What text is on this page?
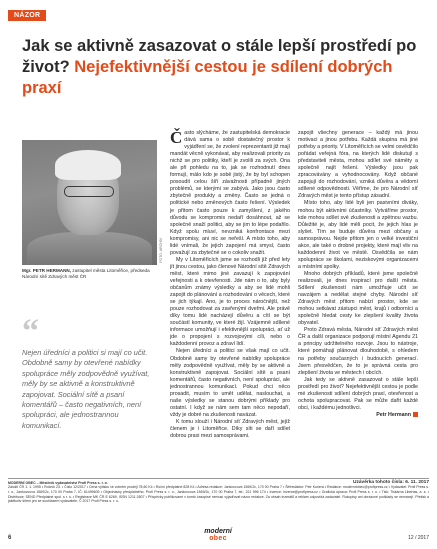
NÁZOR
Jak se aktivně zasazovat o stále lepší prostředí po život? Nejefektivnější cestou je sdílení dobrých praxí
FOTO: ARCHIV
Mgr. PETR HERMANN, zastupitel města Litoměřice, předseda Národní sítě Zdravých měst ČR
“
Nejen úředníci a politici si mají co učit. Obdobně samy by otevřené nabídky spolupráce měly zodpovědně využívat, měly by se aktivně a konstruktivně zapojovat. Sociální sítě a psaní komentářů – často negativních, není spolupráci, ale jednostrannou komunikací.

Často slýcháme, že zastupitelská demokracie dává sama o sobě dostatečný prostor k vyjádření se, že zvolení reprezentanti již mají mandát věcně vykonávat, aby realizovali priority za nichž se pro politiky, kteří je zvolili za svých. Ona ale při pohledu na to, jak se rozhodnutí dnes formují, málo kdo je sobě jistý, že by byl schopen posoudit celou šíři závažnosti případně jiných problémů, se kterými se zabývá. Jako jsou často zbytečně produkty a změny. Často se jedná o politické nebo změnových často řešení. Výsledek je přitom často pouze k zamyšlení, z jakého důvodu se kompromis nedaří dosáhnout, až se společně snaží politici, aby se jim to lépe podařilo. Když spolu mluví, nevzniká konfrontace mezi kompromisy, ani nic se neřeší. A místo toho, aby lidé vnímali, že jejich zapojení má smysl, často považují za zbytečné se o cokoliv snažit.

My v Litoměřicích jsme se rozhodli již před lety jít jinou cestou, jako členové Národní sítě Zdravých měst, které mimo jiné zavazují k zapojování veřejnosti a k otevřenosti. Jde nám o to, aby byly občanům známy výsledky a aby se lidé mohli zapojit do plánování a rozhodování o věcech, které se jich týkají. Ano, je to proces náročnější, než pouze rozhodovat za zavřenými dveřmi. Ale právě díky tomu lidé nacházejí důvěru a cítí se být součástí komunity, ve které žijí. Vzájemně sdílené informace umožňují i efektivnější spolupráci, ať už jde o propojení s rozvojovými cíli, nebo o každodenní provoz a zdraví lidí.

Nejen úředníci a politici se však mají co učit. Obdobně samy by otevřené nabídky spolupráce měly zodpovědně využívat, měly by se aktivně a konstruktivně zapojovat. Sociální sítě a psaní komentářů, často negativních, není spolupráci, ale jednostrannou komunikací. Pokud chci něco prosadit, musím to umět udělat, naslouchat, a naše výsledky se stanou dobrými příklady pro ostatní. I když se nám sem tam něco nepodaří, vždy je dobré na zkušenosti navázat.

K tomu slouží i Národní síť Zdravých měst, jejíž členem je i Litoměřice. Díky síti se daří sdílet dobrou praxi mezi samosprávami.

zapojit všechny generace – každý má jinou motivaci a jinou potřebu. Každá skupina má jiné potřeby a priority. V Litoměřicích se velmi osvědčilo pořádat veřejná fóra, na kterých lidé diskutují s představiteli města, mohou sdílet své náměty a společně najít řešení. Výsledky jsou pak zpracovávány a vyhodnocovány. Když občané zapojují do rozhodování, vzniká důvěra a vědomí sdílené odpovědnosti. Věříme, že pro Národní síť Zdravých měst je tento přístup zásadní.

Místo toho, aby lidé byli jen pasivními diváky, mohou být aktivními účastníky. Vytváříme prostor, kde mohou sdílet své zkušenosti a zpětnou vazbu. Důležité je, aby lidé měli pocit, že jejich hlas je slyšet. Tím se buduje důvěra mezi občany a samosprávou. Nejde přitom jen o velké investiční akce, ale také o drobné projekty, které mají vliv na každodenní život ve městě. Osvědčila se nám spolupráce se školami, neziskovými organizacemi a místními spolky.

Mnoho dobrých příkladů, které jsme společně realizovali, je dnes inspirací pro další města. Sdílení zkušeností nám umožňuje učit se navzájem a nedělat stejné chyby. Národní síť Zdravých měst přitom nabízí prostor, kde se mohou setkávat zástupci měst, krajů i odborníci a společně hledat cesty ke zlepšení kvality života obyvatel.

Proto Zdravá města, Národní síť Zdravých měst ČR a další organizace podporují místní Agendu 21 a principy udržitelného rozvoje. Jsou to nástroje, které pomáhají plánovat dlouhodobě, s ohledem na potřeby současných i budoucích generací. Jsem přesvědčen, že to je správná cesta pro zlepšení života ve městech i obcích.

Jak tedy se aktivně zasazovat o stále lepší prostředí pro život? Nejefektivnější cestou je podle mé zkušenosti sdílení dobrých praxí, otevřenost a ochota spolupracovat. Pak se může dařit každé obci, i každému jednotlivci.

Petr Hermann

MODERNÍ OBEC – Měsíčník vydavatelství Profi Press s. r. o.	Uzávěrka tohoto čísla: 6. 11. 2017

Založil ČR 1. 1. 1995 • Ročník 23. • Číslo 12/2017 • Cena výtisku ve volném prodeji 78,60 Kč • Roční předplatné 828 Kč • Adresa redakce: Jankovcova 1569/2c, 170 00 Praha 7 • Šéfredaktor: Petr Kučera • Redakce: modernriobec@profipress.cz • Vydavatel: Profi Press s. r. o., Jankovcova 1569/2c, 170 00 Praha 7, IČ: 61499609 • Objednávky předplatného: Profi Press s. r. o., Jankovcova 1569/2c, 170 00 Praha 7, tel.: 221 996 174 • Inzerce: inzerce@profipress.cz • Grafická úprava: Profi Press s. r. o. • Tisk: Tiskárna Libertas, a. s. • Distribuce: SEND Předplatné spol. s r. o. • Registrace MK ČR E 6269, ISSN 1211-0507 • Příspěvky publikované v tomto časopise nemusí vyjadřovat názor redakce. Za obsah inzerátů a reklam odpovídá zadavatel. Rukopisy ani obrazové podklady se nevracejí. Přetisk a jakékoliv šíření jen se souhlasem vydavatele. © 2017 Profi Press s. r. o.

6
moderní
obec	12 / 2017
